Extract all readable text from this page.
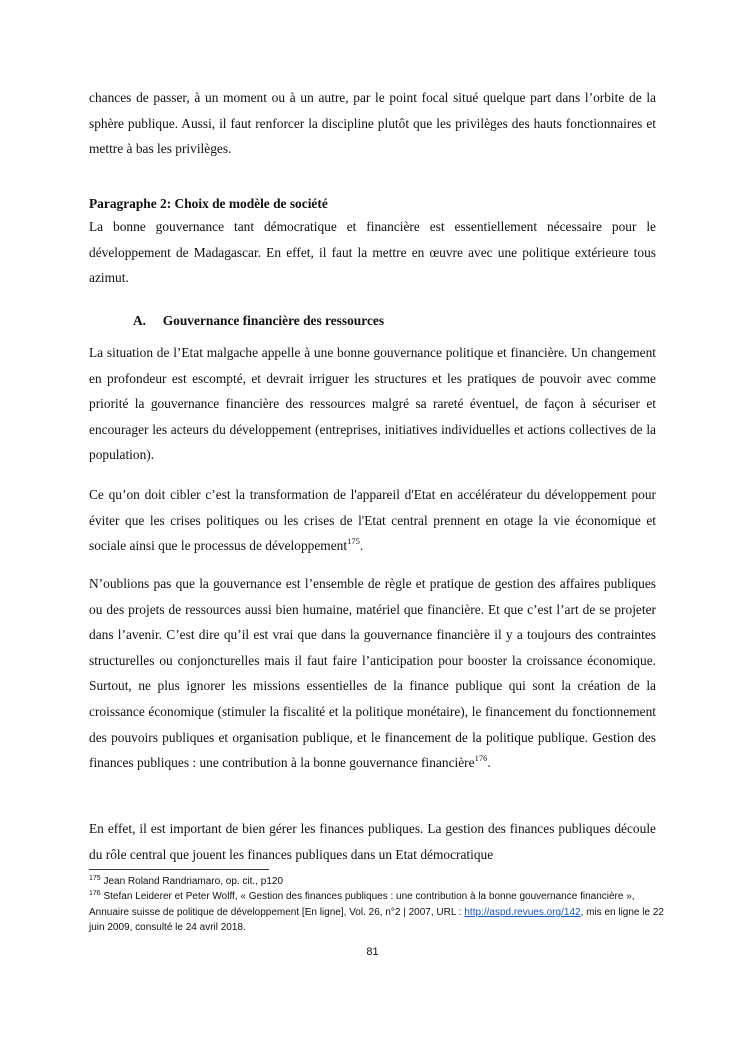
chances de passer, à un moment ou à un autre, par le point focal situé quelque part dans l’orbite de la sphère publique. Aussi, il faut renforcer la discipline plutôt que les privilèges des hauts fonctionnaires et mettre à bas les privilèges.

Paragraphe 2: Choix de modèle de société

La bonne gouvernance tant démocratique et financière est essentiellement nécessaire pour le développement de Madagascar. En effet, il faut la mettre en œuvre avec une politique extérieure tous azimut.

A. Gouvernance financière des ressources

La situation de l’Etat malgache appelle à une bonne gouvernance politique et financière. Un changement en profondeur est escompté, et devrait irriguer les structures et les pratiques de pouvoir avec comme priorité la gouvernance financière des ressources malgré sa rareté éventuel, de façon à sécuriser et encourager les acteurs du développement (entreprises, initiatives individuelles et actions collectives de la population).

Ce qu’on doit cibler c’est la transformation de l'appareil d'Etat en accélérateur du développement pour éviter que les crises politiques ou les crises de l'Etat central prennent en otage la vie économique et sociale ainsi que le processus de développement$^{175}$.

N’oublions pas que la gouvernance est l’ensemble de règle et pratique de gestion des affaires publiques ou des projets de ressources aussi bien humaine, matériel que financière. Et que c’est l’art de se projeter dans l’avenir. C’est dire qu’il est vrai que dans la gouvernance financière il y a toujours des contraintes structurelles ou conjoncturelles mais il faut faire l’anticipation pour booster la croissance économique. Surtout, ne plus ignorer les missions essentielles de la finance publique qui sont la création de la croissance économique (stimuler la fiscalité et la politique monétaire), le financement du fonctionnement des pouvoirs publiques et organisation publique, et le financement de la politique publique. Gestion des finances publiques : une contribution à la bonne gouvernance financière$^{176}$.

En effet, il est important de bien gérer les finances publiques. La gestion des finances publiques découle du rôle central que jouent les finances publiques dans un Etat démocratique

$^{175}$ Jean Roland Randriamaro, op. cit., p120
$^{176}$ Stefan Leiderer et Peter Wolff, « Gestion des finances publiques : une contribution à la bonne gouvernance financière », Annuaire suisse de politique de développement [En ligne], Vol. 26, n°2 | 2007, URL : http://aspd.revues.org/142, mis en ligne le 22 juin 2009, consulté le 24 avril 2018.
81
